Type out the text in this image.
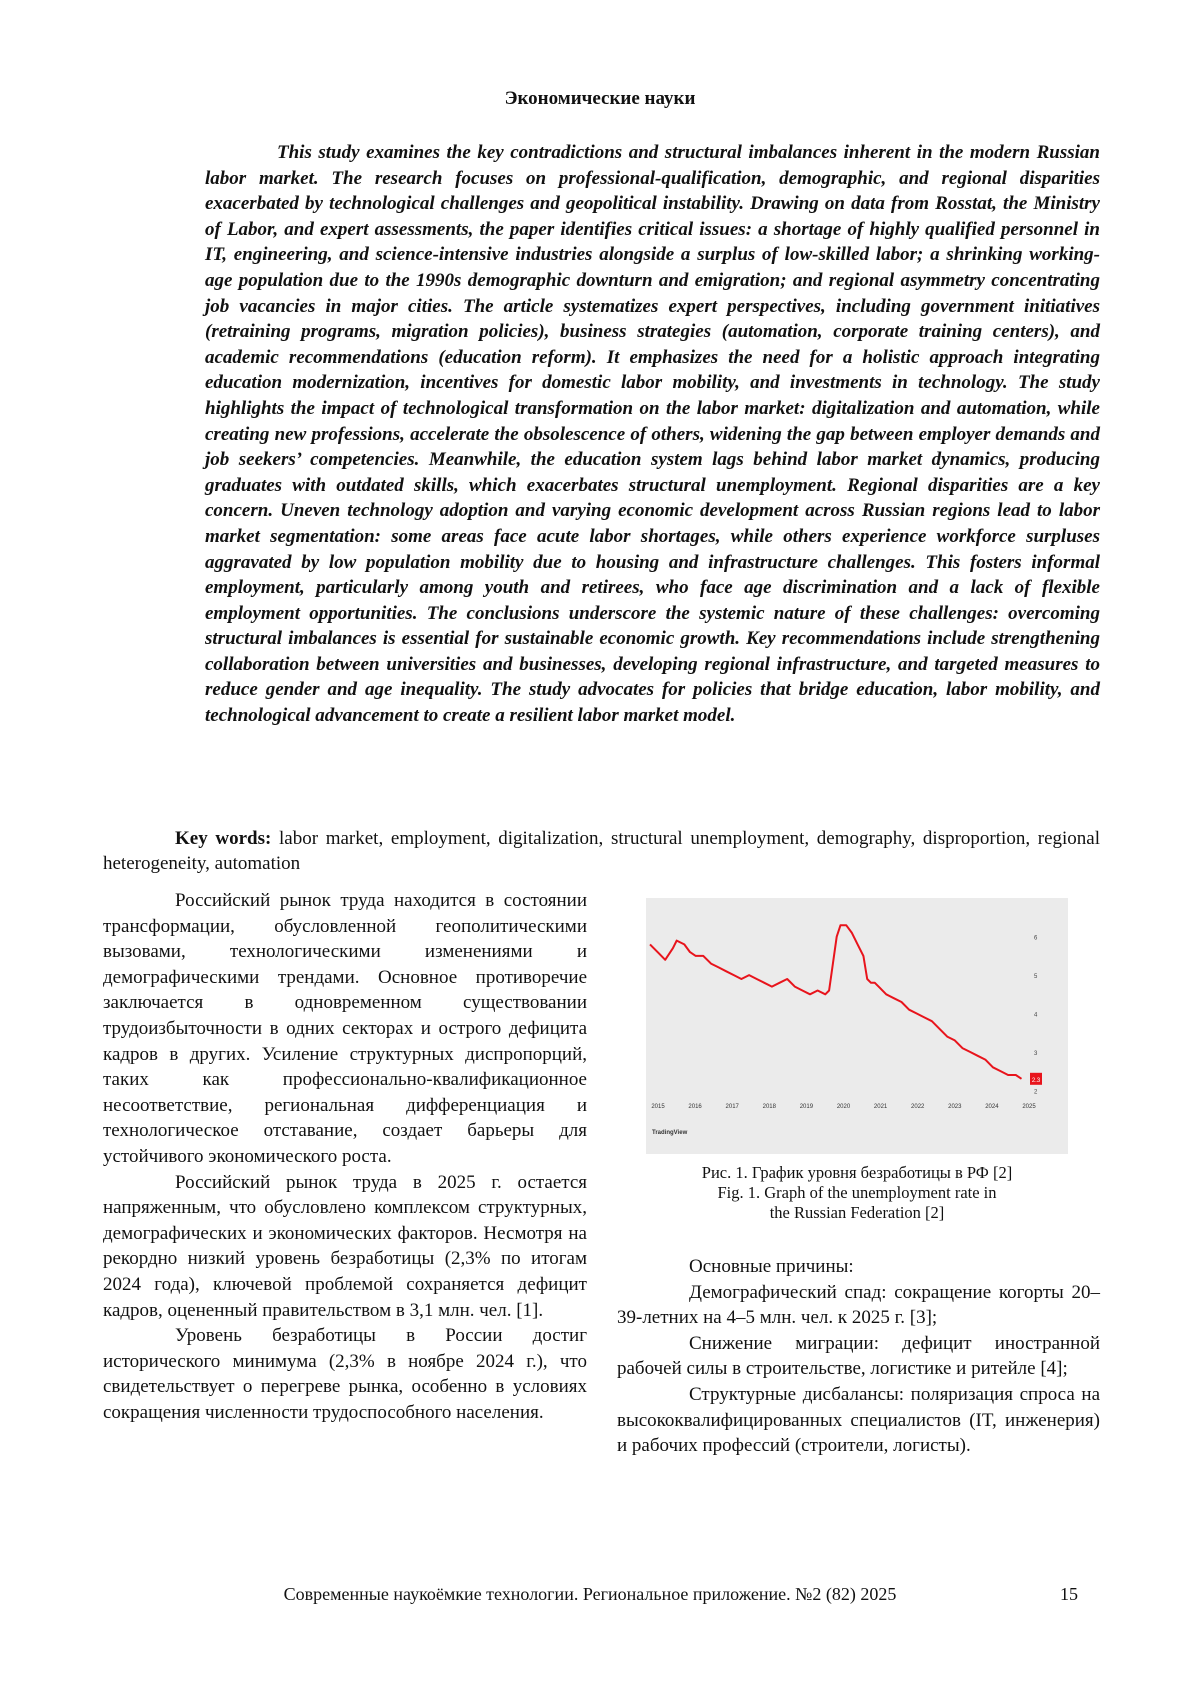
Экономические науки

This study examines the key contradictions and structural imbalances inherent in the modern Russian labor market. The research focuses on professional-qualification, demographic, and regional disparities exacerbated by technological challenges and geopolitical instability. Drawing on data from Rosstat, the Ministry of Labor, and expert assessments, the paper identifies critical issues: a shortage of highly qualified personnel in IT, engineering, and science-intensive industries alongside a surplus of low-skilled labor; a shrinking working-age population due to the 1990s demographic downturn and emigration; and regional asymmetry concentrating job vacancies in major cities. The article systematizes expert perspectives, including government initiatives (retraining programs, migration policies), business strategies (automation, corporate training centers), and academic recommendations (education reform). It emphasizes the need for a holistic approach integrating education modernization, incentives for domestic labor mobility, and investments in technology. The study highlights the impact of technological transformation on the labor market: digitalization and automation, while creating new professions, accelerate the obsolescence of others, widening the gap between employer demands and job seekers’ competencies. Meanwhile, the education system lags behind labor market dynamics, producing graduates with outdated skills, which exacerbates structural unemployment. Regional disparities are a key concern. Uneven technology adoption and varying economic development across Russian regions lead to labor market segmentation: some areas face acute labor shortages, while others experience workforce surpluses aggravated by low population mobility due to housing and infrastructure challenges. This fosters informal employment, particularly among youth and retirees, who face age discrimination and a lack of flexible employment opportunities. The conclusions underscore the systemic nature of these challenges: overcoming structural imbalances is essential for sustainable economic growth. Key recommendations include strengthening collaboration between universities and businesses, developing regional infrastructure, and targeted measures to reduce gender and age inequality. The study advocates for policies that bridge education, labor mobility, and technological advancement to create a resilient labor market model.

Key words: labor market, employment, digitalization, structural unemployment, demography, disproportion, regional heterogeneity, automation

Российский рынок труда находится в состоянии трансформации, обусловленной геополитическими вызовами, технологическими изменениями и демографическими трендами. Основное противоречие заключается в одновременном существовании трудоизбыточности в одних секторах и острого дефицита кадров в других. Усиление структурных диспропорций, таких как профессионально-квалификационное несоответствие, региональная дифференциация и технологическое отставание, создает барьеры для устойчивого экономического роста.

Российский рынок труда в 2025 г. остается напряженным, что обусловлено комплексом структурных, демографических и экономических факторов. Несмотря на рекордно низкий уровень безработицы (2,3% по итогам 2024 года), ключевой проблемой сохраняется дефицит кадров, оцененный правительством в 3,1 млн. чел. [1].

Уровень безработицы в России достиг исторического минимума (2,3% в ноябре 2024 г.), что свидетельствует о перегреве рынка, особенно в условиях сокращения численности трудоспособного населения.

6
5
4
3
2
2015	2016	2017	2018	2019	2020	2021	2022	2023	2024	2025
2.3
TradingView
Рис. 1. График уровня безработицы в РФ [2]
Fig. 1. Graph of the unemployment rate in
the Russian Federation [2]

Основные причины:

Демографический спад: сокращение когорты 20–39-летних на 4–5 млн. чел. к 2025 г. [3];

Снижение миграции: дефицит иностранной рабочей силы в строительстве, логистике и ритейле [4];

Структурные дисбалансы: поляризация спроса на высококвалифицированных специалистов (IT, инженерия) и рабочих профессий (строители, логисты).

Современные наукоёмкие технологии. Региональное приложение. №2 (82) 2025	15
